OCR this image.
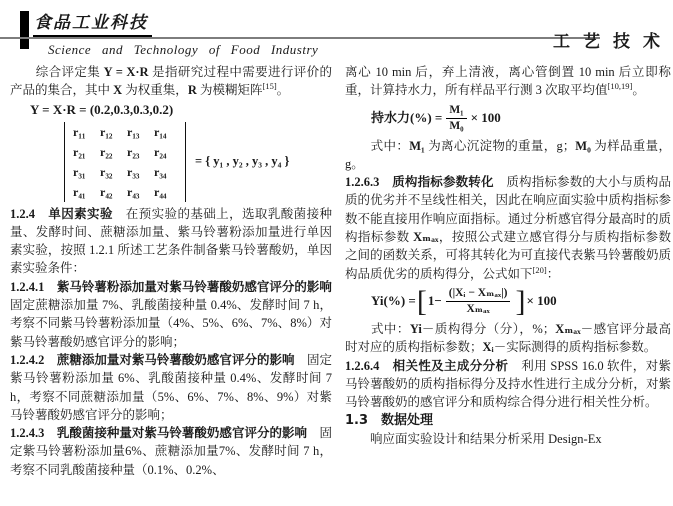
食品工业科技
Science and Technology of Food Industry	工艺技术

　　综合评定集 Y = X·R 是指研究过程中需要进行评价的产品的集合，其中 X 为权重集，R 为模糊矩阵[15]。

Y = X·R = (0.2,0.3,0.3,0.2)
r₁₁	r₁₂	r₁₃	r₁₄
r₂₁	r₂₂	r₂₃	r₂₄
r₃₁	r₃₂	r₃₃	r₃₄
r₄₁	r₄₂	r₄₃	r₄₄
= { y₁ , y₂ , y₃ , y₄ }

1.2.4　单因素实验　在预实验的基础上，选取乳酸菌接种量、发酵时间、蔗糖添加量、紫马铃薯粉添加量进行单因素实验，按照 1.2.1 所述工艺条件制备紫马铃薯酸奶，单因素实验条件：

1.2.4.1　紫马铃薯粉添加量对紫马铃薯酸奶感官评分的影响　固定蔗糖添加量 7%、乳酸菌接种量 0.4%、发酵时间 7 h，考察不同紫马铃薯粉添加量（4%、5%、6%、7%、8%）对紫马铃薯酸奶感官评分的影响；

1.2.4.2　蔗糖添加量对紫马铃薯酸奶感官评分的影响　固定紫马铃薯粉添加量 6%、乳酸菌接种量 0.4%、发酵时间 7 h，考察不同蔗糖添加量（5%、6%、7%、8%、9%）对紫马铃薯酸奶感官评分的影响；

1.2.4.3　乳酸菌接种量对紫马铃薯酸奶感官评分的影响　固定紫马铃薯粉添加量6%、蔗糖添加量7%、发酵时间 7 h，考察不同乳酸菌接种量（0.1%、0.2%、

离心 10 min 后，弃上清液，离心管倒置 10 min 后立即称重，计算持水力，所有样品平行测 3 次取平均值[10,19]。

持水力(%) = $\frac{\text{M₁}}{\text{M₀}} \times 100$

　　式中：M₁ 为离心沉淀物的重量，g；M₀ 为样品重量，g。

1.2.6.3　质构指标参数转化　质构指标参数的大小与质构品质的优劣并不呈线性相关，因此在响应面实验中质构指标参数不能直接用作响应面指标。通过分析感官得分最高时的质构指标参数 Xₘₐₓ，按照公式建立感官得分与质构指标参数之间的函数关系，可将其转化为可直接代表紫马铃薯酸奶质构品质优劣的质构得分，公式如下[20]：

Yi(%) = [ $1- \frac{\text{(|Xᵢ − Xₘₐₓ|)}}{\text{Xₘₐₓ}}$ ] × 100

　　式中：Yi－质构得分（分），%；Xₘₐₓ－感官评分最高时对应的质构指标参数；Xᵢ－实际测得的质构指标参数。

1.2.6.4　相关性及主成分分析　利用 SPSS 16.0 软件，对紫马铃薯酸奶的质构指标得分及持水性进行主成分分析，对紫马铃薯酸奶的感官评分和质构综合得分进行相关性分析。

1.3　数据处理

　　响应面实验设计和结果分析采用 Design-Ex
